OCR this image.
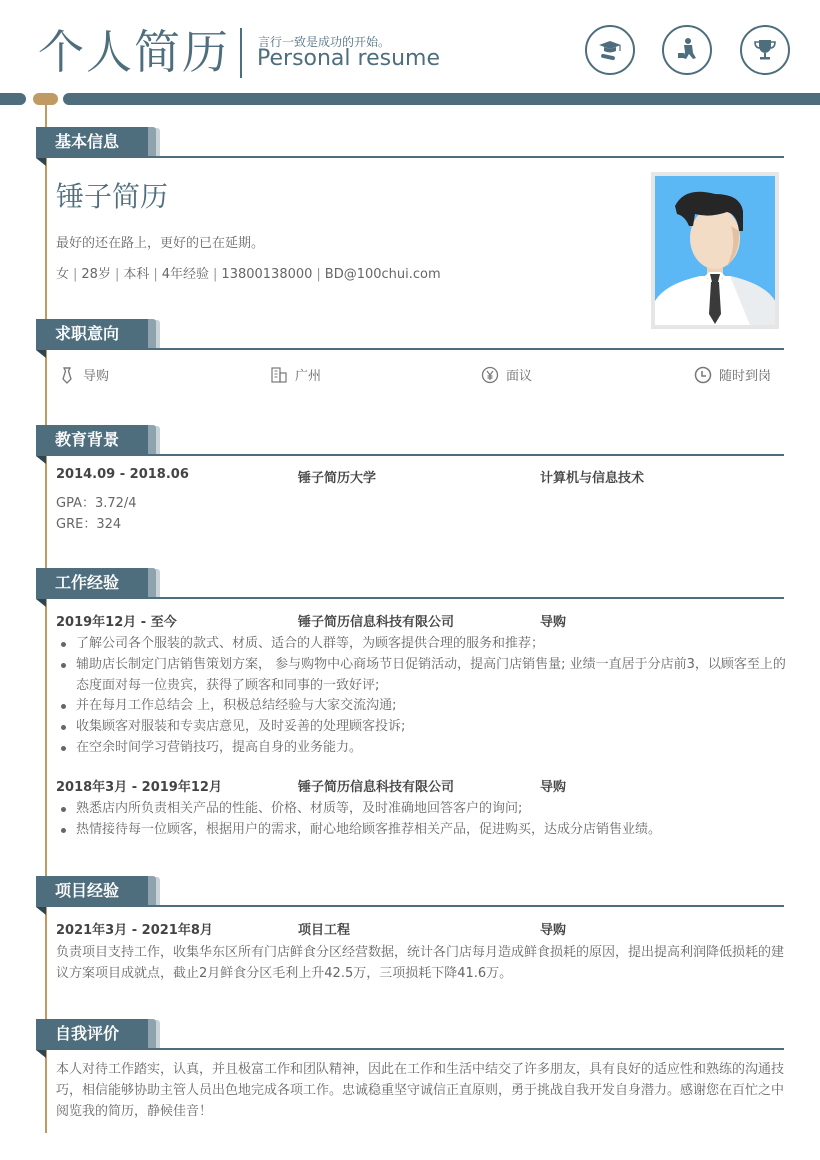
个人简历 言行一致是成功的开始。
Personal resume
基本信息
锤子简历
最好的还在路上，更好的已在延期。
女 | 28岁 | 本科 | 4年经验 | 13800138000 | BD@100chui.com
求职意向
导购	广州	面议	随时到岗
教育背景
2014.09 - 2018.06	锤子简历大学	计算机与信息技术
GPA：3.72/4
GRE：324
工作经验
2019年12月 - 至今	锤子简历信息科技有限公司	导购
了解公司各个服装的款式、材质、适合的人群等，为顾客提供合理的服务和推荐；
辅助店长制定门店销售策划方案， 参与购物中心商场节日促销活动，提高门店销售量; 业绩一直居于分店前3，以顾客至上的态度面对每一位贵宾，获得了顾客和同事的一致好评;
并在每月工作总结会 上，积极总结经验与大家交流沟通;
收集顾客对服装和专卖店意见，及时妥善的处理顾客投诉;
在空余时间学习营销技巧，提高自身的业务能力。
2018年3月 - 2019年12月	锤子简历信息科技有限公司	导购
熟悉店内所负责相关产品的性能、价格、材质等，及时准确地回答客户的询问;
热情接待每一位顾客，根据用户的需求，耐心地给顾客推荐相关产品，促进购买，达成分店销售业绩。
项目经验
2021年3月 - 2021年8月	项目工程	导购
负责项目支持工作，收集华东区所有门店鲜食分区经营数据，统计各门店每月造成鲜食损耗的原因，提出提高利润降低损耗的建议方案项目成就点，截止2月鲜食分区毛利上升42.5万，三项损耗下降41.6万。
自我评价
本人对待工作踏实，认真，并且极富工作和团队精神，因此在工作和生活中结交了许多朋友，具有良好的适应性和熟练的沟通技巧，相信能够协助主管人员出色地完成各项工作。忠诚稳重坚守诚信正直原则，勇于挑战自我开发自身潜力。感谢您在百忙之中阅览我的简历，静候佳音！
